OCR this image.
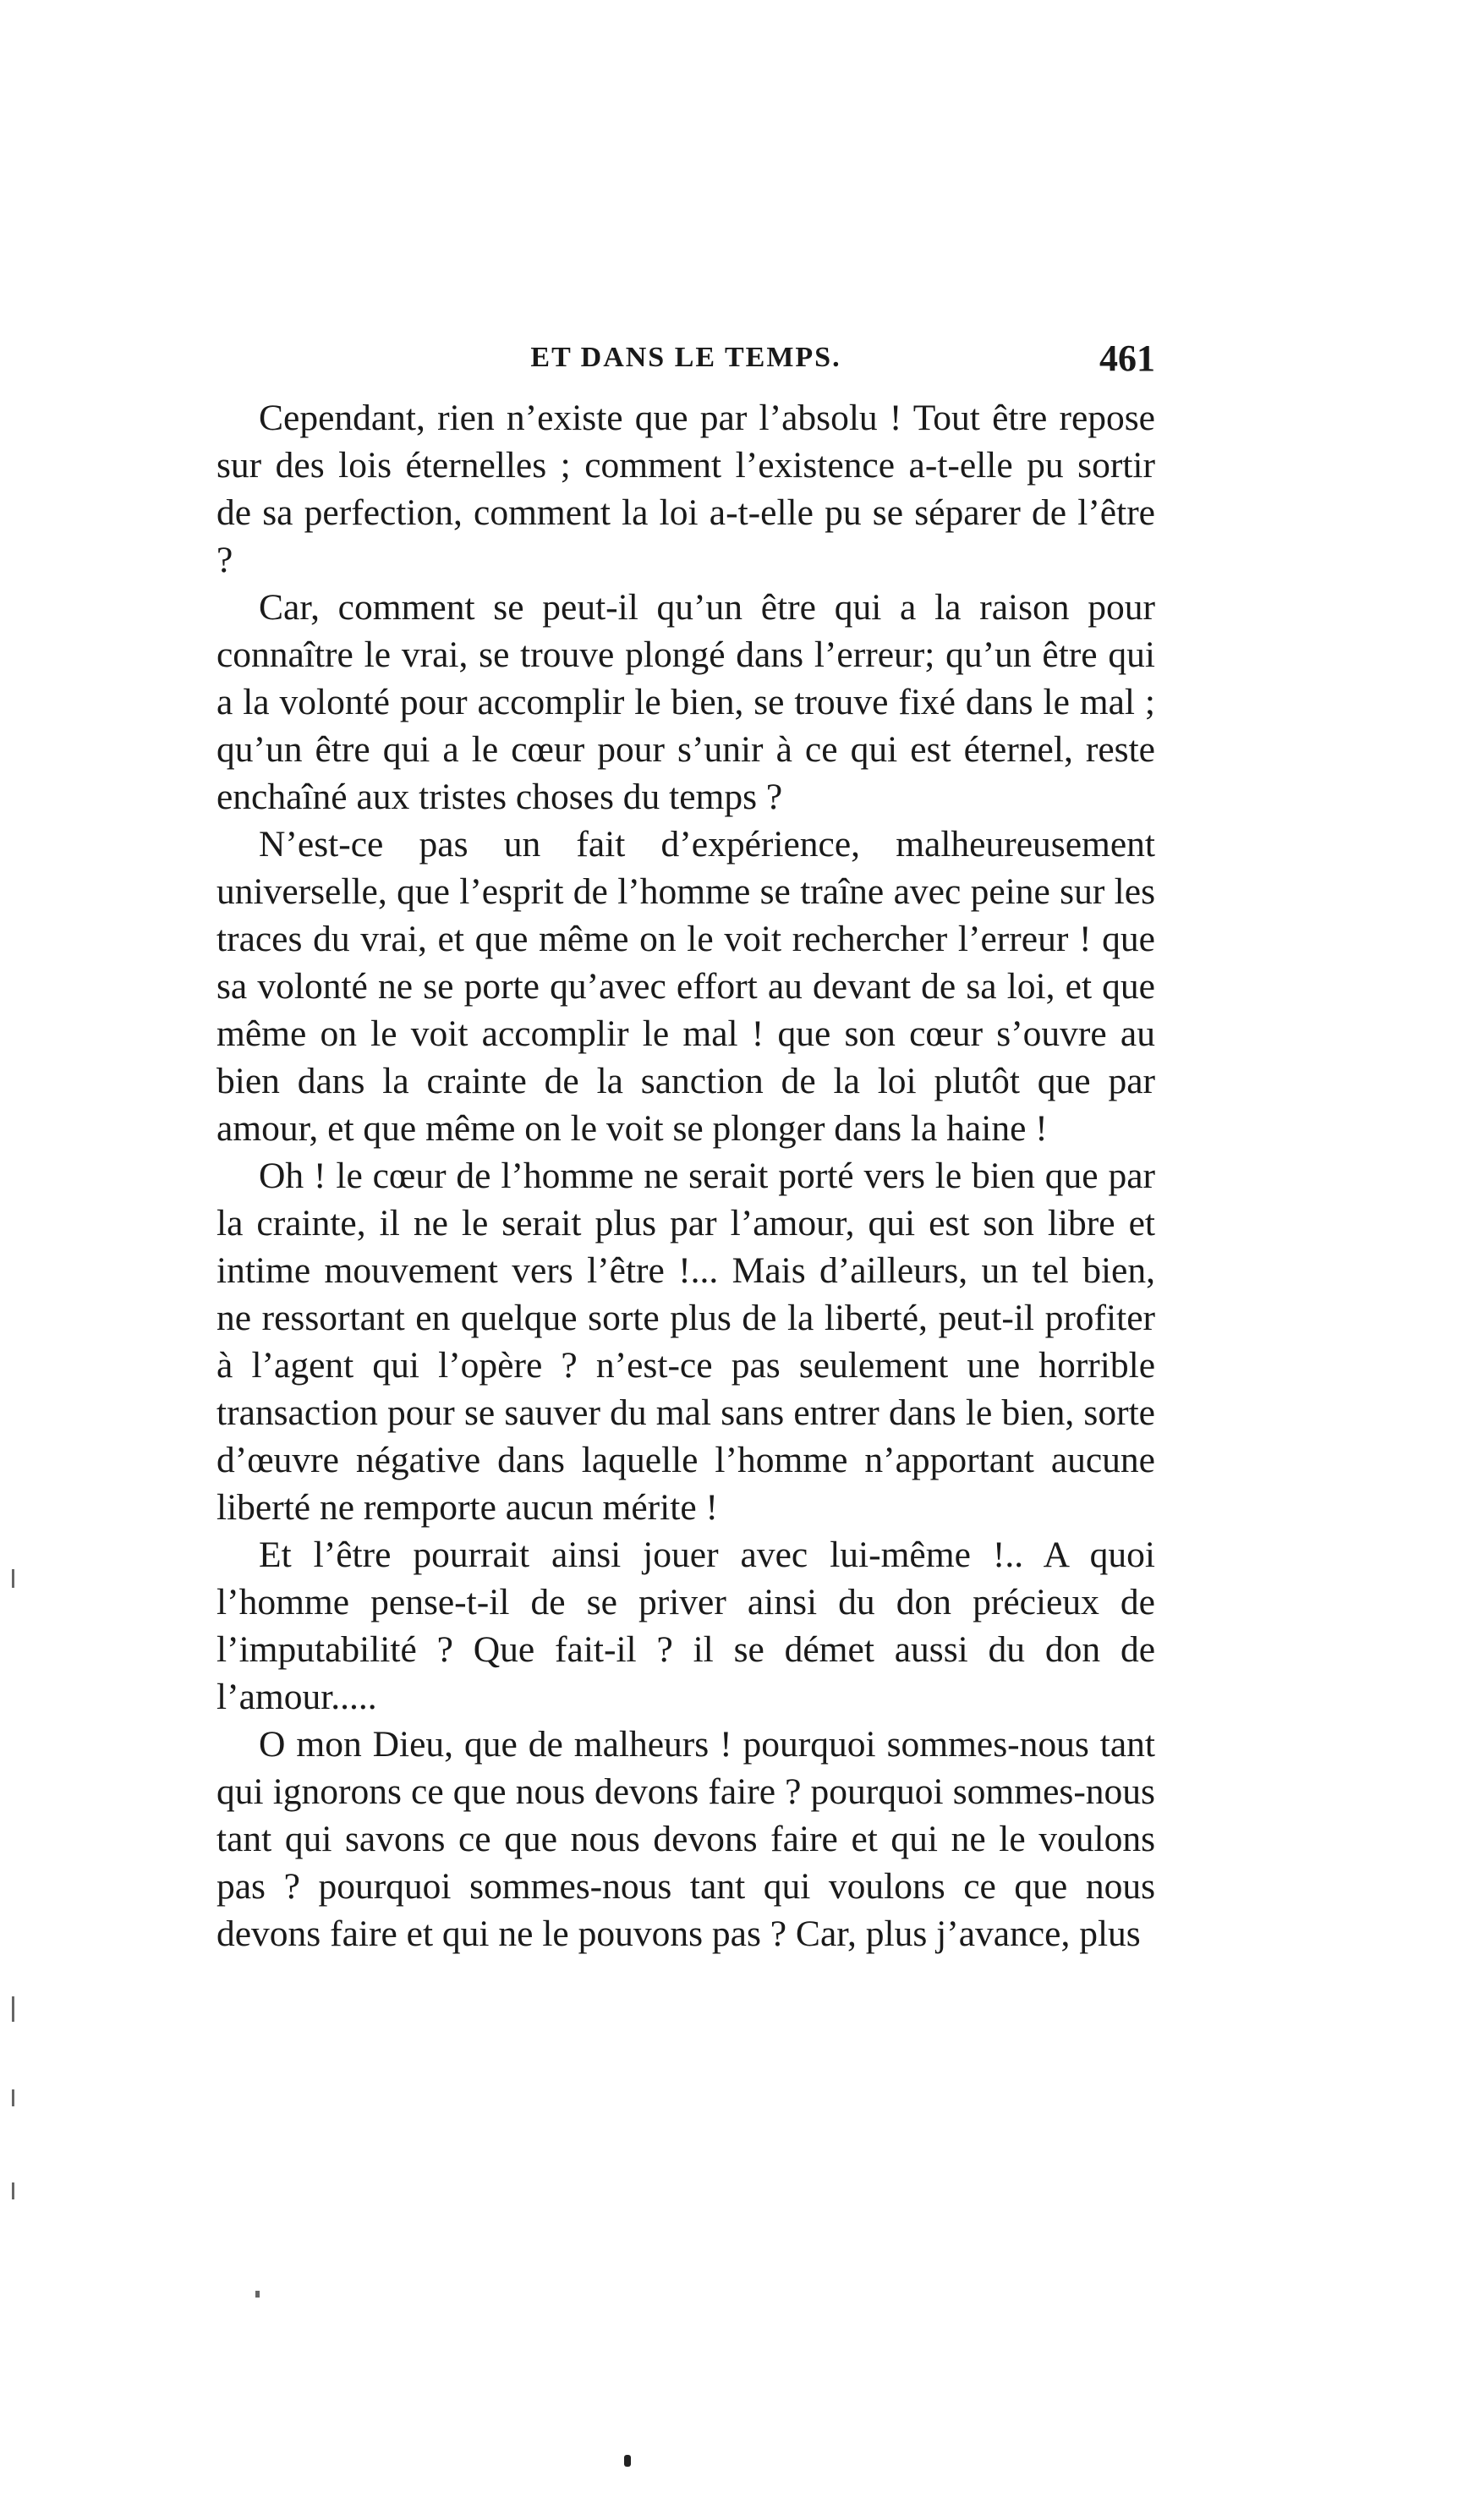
ET DANS LE TEMPS.	461

Cependant, rien n’existe que par l’absolu ! Tout être repose sur des lois éternelles ; comment l’existence a-t-elle pu sortir de sa perfection, comment la loi a-t-elle pu se séparer de l’être ?

Car, comment se peut-il qu’un être qui a la raison pour connaître le vrai, se trouve plongé dans l’erreur; qu’un être qui a la volonté pour accomplir le bien, se trouve fixé dans le mal ; qu’un être qui a le cœur pour s’unir à ce qui est éternel, reste enchaîné aux tristes choses du temps ?

N’est-ce pas un fait d’expérience, malheureusement universelle, que l’esprit de l’homme se traîne avec peine sur les traces du vrai, et que même on le voit rechercher l’erreur ! que sa volonté ne se porte qu’avec effort au devant de sa loi, et que même on le voit accomplir le mal ! que son cœur s’ouvre au bien dans la crainte de la sanction de la loi plutôt que par amour, et que même on le voit se plonger dans la haine !

Oh ! le cœur de l’homme ne serait porté vers le bien que par la crainte, il ne le serait plus par l’amour, qui est son libre et intime mouvement vers l’être !... Mais d’ailleurs, un tel bien, ne ressortant en quelque sorte plus de la liberté, peut-il profiter à l’agent qui l’opère ? n’est-ce pas seulement une horrible transaction pour se sauver du mal sans entrer dans le bien, sorte d’œuvre négative dans laquelle l’homme n’apportant aucune liberté ne remporte aucun mérite !

Et l’être pourrait ainsi jouer avec lui-même !.. A quoi l’homme pense-t-il de se priver ainsi du don précieux de l’imputabilité ? Que fait-il ? il se démet aussi du don de l’amour.....

O mon Dieu, que de malheurs ! pourquoi sommes-nous tant qui ignorons ce que nous devons faire ? pourquoi sommes-nous tant qui savons ce que nous devons faire et qui ne le voulons pas ? pourquoi sommes-nous tant qui voulons ce que nous devons faire et qui ne le pouvons pas ? Car, plus j’avance, plus
